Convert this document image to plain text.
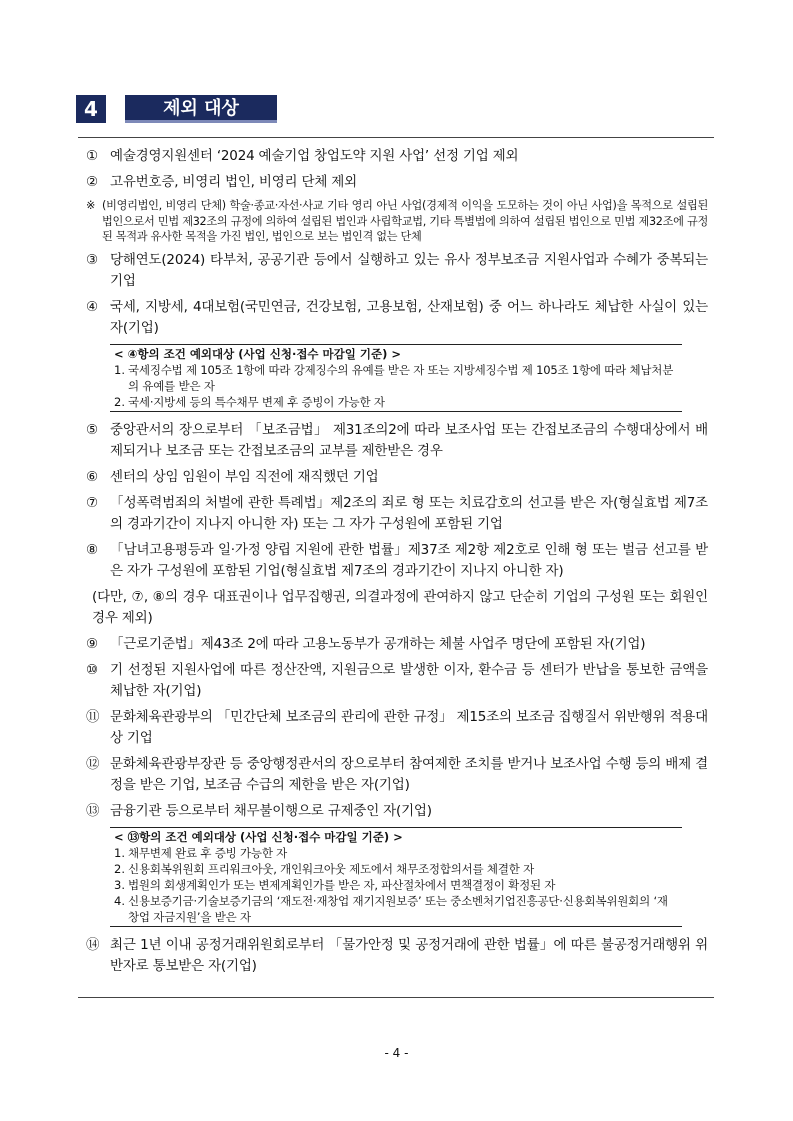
4	제외 대상
① 예술경영지원센터 ‘2024 예술기업 창업도약 지원 사업’ 선정 기업 제외
② 고유번호증, 비영리 법인, 비영리 단체 제외
※ (비영리법인, 비영리 단체) 학술·종교·자선·사교 기타 영리 아닌 사업(경제적 이익을 도모하는 것이 아닌 사업)을 목적으로 설립된 법인으로서 민법 제32조의 규정에 의하여 설립된 법인과 사립학교법, 기타 특별법에 의하여 설립된 법인으로 민법 제32조에 규정된 목적과 유사한 목적을 가진 법인, 법인으로 보는 법인격 없는 단체
③ 당해연도(2024) 타부처, 공공기관 등에서 실행하고 있는 유사 정부보조금 지원사업과 수혜가 중복되는 기업
④ 국세, 지방세, 4대보험(국민연금, 건강보험, 고용보험, 산재보험) 중 어느 하나라도 체납한 사실이 있는 자(기업)
< ④항의 조건 예외대상 (사업 신청·접수 마감일 기준) >
1. 국세징수법 제 105조 1항에 따라 강제징수의 유예를 받은 자 또는 지방세징수법 제 105조 1항에 따라 체납처분의 유예를 받은 자
2. 국세·지방세 등의 특수채무 변제 후 증빙이 가능한 자
⑤ 중앙관서의 장으로부터 「보조금법」 제31조의2에 따라 보조사업 또는 간접보조금의 수행대상에서 배제되거나 보조금 또는 간접보조금의 교부를 제한받은 경우
⑥ 센터의 상임 임원이 부임 직전에 재직했던 기업
⑦ 「성폭력범죄의 처벌에 관한 특례법」제2조의 죄로 형 또는 치료감호의 선고를 받은 자(형실효법 제7조의 경과기간이 지나지 아니한 자) 또는 그 자가 구성원에 포함된 기업
⑧ 「남녀고용평등과 일·가정 양립 지원에 관한 법률」제37조 제2항 제2호로 인해 형 또는 벌금 선고를 받은 자가 구성원에 포함된 기업(형실효법 제7조의 경과기간이 지나지 아니한 자)
(다만, ⑦, ⑧의 경우 대표권이나 업무집행권, 의결과정에 관여하지 않고 단순히 기업의 구성원 또는 회원인 경우 제외)
⑨ 「근로기준법」제43조 2에 따라 고용노동부가 공개하는 체불 사업주 명단에 포함된 자(기업)
⑩ 기 선정된 지원사업에 따른 정산잔액, 지원금으로 발생한 이자, 환수금 등 센터가 반납을 통보한 금액을 체납한 자(기업)
⑪ 문화체육관광부의 「민간단체 보조금의 관리에 관한 규정」 제15조의 보조금 집행질서 위반행위 적용대상 기업
⑫ 문화체육관광부장관 등 중앙행정관서의 장으로부터 참여제한 조치를 받거나 보조사업 수행 등의 배제 결정을 받은 기업, 보조금 수급의 제한을 받은 자(기업)
⑬ 금융기관 등으로부터 채무불이행으로 규제중인 자(기업)
< ⑬항의 조건 예외대상 (사업 신청·접수 마감일 기준) >
1. 채무변제 완료 후 증빙 가능한 자
2. 신용회복위원회 프리워크아웃, 개인워크아웃 제도에서 채무조정합의서를 체결한 자
3. 법원의 회생계획인가 또는 변제계획인가를 받은 자, 파산절차에서 면책결정이 확정된 자
4. 신용보증기금·기술보증기금의 ‘재도전·재창업 재기지원보증’ 또는 중소벤처기업진흥공단·신용회복위원회의 ‘재창업 자금지원’을 받은 자
⑭ 최근 1년 이내 공정거래위원회로부터 「물가안정 및 공정거래에 관한 법률」에 따른 불공정거래행위 위반자로 통보받은 자(기업)
- 4 -
